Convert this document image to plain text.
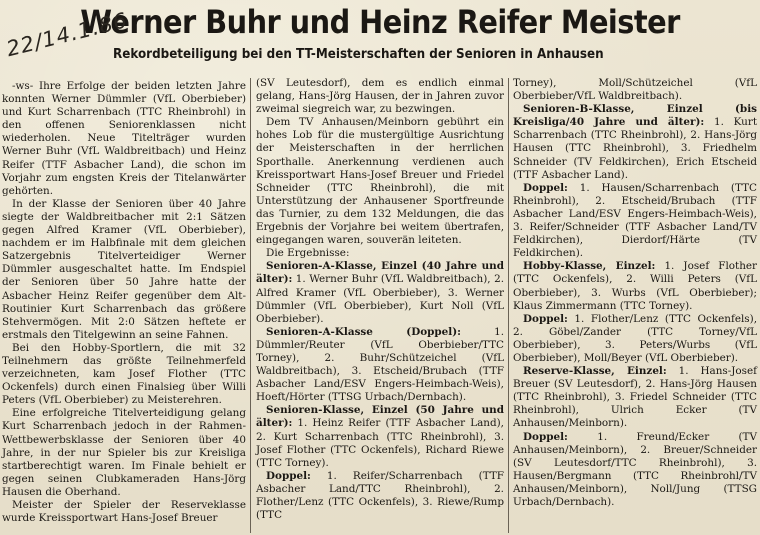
Werner Buhr und Heinz Reifer Meister
22/14.1.86
Rekordbeteiligung bei den TT-Meisterschaften der Senioren in Anhausen

-ws- Ihre Erfolge der beiden letzten Jahre konnten Werner Dümmler (VfL Oberbieber) und Kurt Scharrenbach (TTC Rheinbrohl) in den offenen Seniorenklassen nicht wiederholen. Neue Titelträger wurden Werner Buhr (VfL Waldbreitbach) und Heinz Reifer (TTF Asbacher Land), die schon im Vorjahr zum engsten Kreis der Titelanwärter gehörten.

In der Klasse der Senioren über 40 Jahre siegte der Waldbreitbacher mit 2:1 Sätzen gegen Alfred Kramer (VfL Oberbieber), nachdem er im Halbfinale mit dem gleichen Satzergebnis Titelverteidiger Werner Dümmler ausgeschaltet hatte. Im Endspiel der Senioren über 50 Jahre hatte der Asbacher Heinz Reifer gegenüber dem Alt-Routinier Kurt Scharrenbach das größere Stehvermögen. Mit 2:0 Sätzen heftete er erstmals den Titelgewinn an seine Fahnen.

Bei den Hobby-Sportlern, die mit 32 Teilnehmern das größte Teilnehmerfeld verzeichneten, kam Josef Flother (TTC Ockenfels) durch einen Finalsieg über Willi Peters (VfL Oberbieber) zu Meisterehren.

Eine erfolgreiche Titelverteidigung gelang Kurt Scharrenbach jedoch in der Rahmen-Wettbewerbsklasse der Senioren über 40 Jahre, in der nur Spieler bis zur Kreisliga startberechtigt waren. Im Finale behielt er gegen seinen Clubkameraden Hans-Jörg Hausen die Oberhand.

Meister der Spieler der Reserveklasse wurde Kreissportwart Hans-Josef Breuer

(SV Leutesdorf), dem es endlich einmal gelang, Hans-Jörg Hausen, der in Jahren zuvor zweimal siegreich war, zu bezwingen.

Dem TV Anhausen/Meinborn gebührt ein hohes Lob für die mustergültige Ausrichtung der Meisterschaften in der herrlichen Sporthalle. Anerkennung verdienen auch Kreissportwart Hans-Josef Breuer und Friedel Schneider (TTC Rheinbrohl), die mit Unterstützung der Anhausener Sportfreunde das Turnier, zu dem 132 Meldungen, die das Ergebnis der Vorjahre bei weitem übertrafen, eingegangen waren, souverän leiteten.

Die Ergebnisse:

Senioren-A-Klasse, Einzel (40 Jahre und älter): 1. Werner Buhr (VfL Waldbreitbach), 2. Alfred Kramer (VfL Oberbieber), 3. Werner Dümmler (VfL Oberbieber), Kurt Noll (VfL Oberbieber).

Senioren-A-Klasse (Doppel): 1. Dümmler/Reuter (VfL Oberbieber/TTC Torney), 2. Buhr/Schützeichel (VfL Waldbreitbach), 3. Etscheid/Brubach (TTF Asbacher Land/ESV Engers-Heimbach-Weis), Hoeft/Hörter (TTSG Urbach/Dernbach).

Senioren-Klasse, Einzel (50 Jahre und älter): 1. Heinz Reifer (TTF Asbacher Land), 2. Kurt Scharrenbach (TTC Rheinbrohl), 3. Josef Flother (TTC Ockenfels), Richard Riewe (TTC Torney).

Doppel: 1. Reifer/Scharrenbach (TTF Asbacher Land/TTC Rheinbrohl), 2. Flother/Lenz (TTC Ockenfels), 3. Riewe/Rump (TTC

Torney), Moll/Schützeichel (VfL Oberbieber/VfL Waldbreitbach).

Senioren-B-Klasse, Einzel (bis Kreisliga/40 Jahre und älter): 1. Kurt Scharrenbach (TTC Rheinbrohl), 2. Hans-Jörg Hausen (TTC Rheinbrohl), 3. Friedhelm Schneider (TV Feldkirchen), Erich Etscheid (TTF Asbacher Land).

Doppel: 1. Hausen/Scharrenbach (TTC Rheinbrohl), 2. Etscheid/Brubach (TTF Asbacher Land/ESV Engers-Heimbach-Weis), 3. Reifer/Schneider (TTF Asbacher Land/TV Feldkirchen), Dierdorf/Härte (TV Feldkirchen).

Hobby-Klasse, Einzel: 1. Josef Flother (TTC Ockenfels), 2. Willi Peters (VfL Oberbieber), 3. Wurbs (VfL Oberbieber); Klaus Zimmermann (TTC Torney).

Doppel: 1. Flother/Lenz (TTC Ockenfels), 2. Göbel/Zander (TTC Torney/VfL Oberbieber), 3. Peters/Wurbs (VfL Oberbieber), Moll/Beyer (VfL Oberbieber).

Reserve-Klasse, Einzel: 1. Hans-Josef Breuer (SV Leutesdorf), 2. Hans-Jörg Hausen (TTC Rheinbrohl), 3. Friedel Schneider (TTC Rheinbrohl), Ulrich Ecker (TV Anhausen/Meinborn).

Doppel: 1. Freund/Ecker (TV Anhausen/Meinborn), 2. Breuer/Schneider (SV Leutesdorf/TTC Rheinbrohl), 3. Hausen/Bergmann (TTC Rheinbrohl/TV Anhausen/Meinborn), Noll/Jung (TTSG Urbach/Dernbach).
